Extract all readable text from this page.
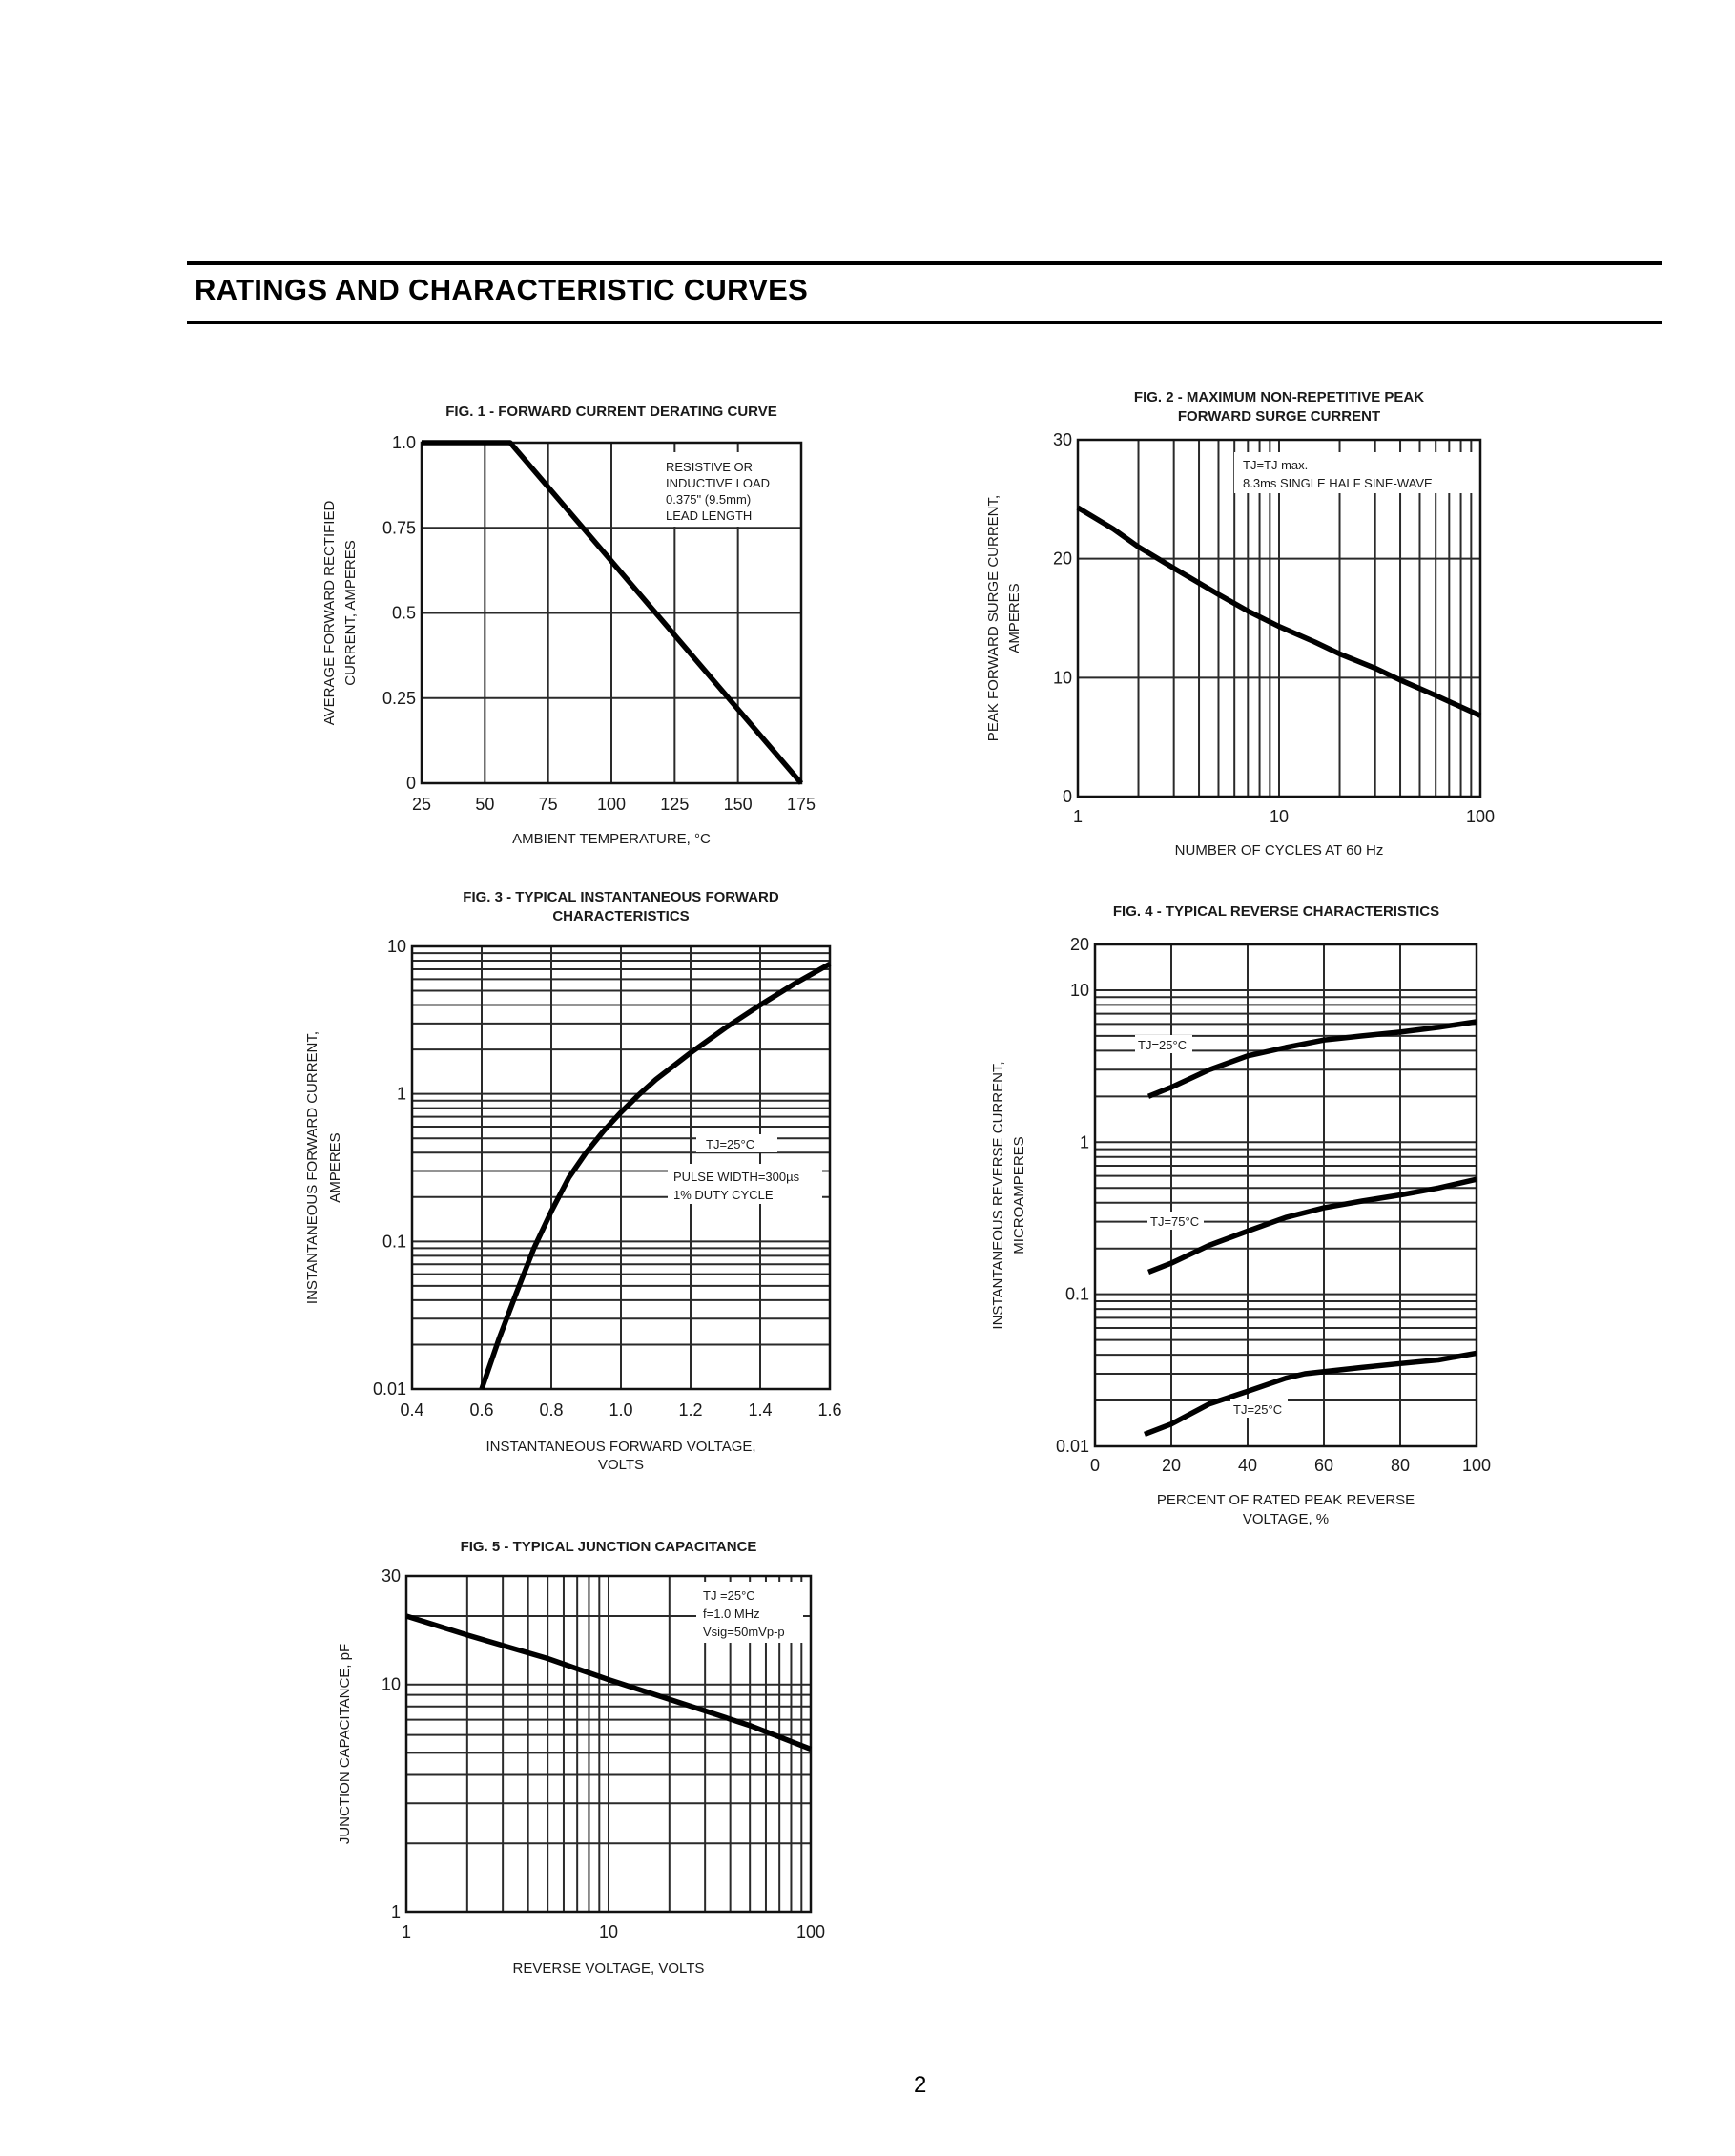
RATINGS AND CHARACTERISTIC CURVES
RESISTIVE OR
INDUCTIVE LOAD
0.375" (9.5mm)
LEAD LENGTH
25	50	75 100 125 150 175
0
0.25
0.5
0.75
1.0
FIG. 1 - FORWARD CURRENT DERATING CURVE
AMBIENT TEMPERATURE, °C
AVERAGE FORWARD RECTIFIED CURRENT, AMPERES
TJ=TJ max.
8.3ms SINGLE HALF SINE-WAVE
1	10	100
0
10
20
30
FIG. 2 - MAXIMUM NON-REPETITIVE PEAK
FORWARD SURGE CURRENT
NUMBER OF CYCLES AT 60 Hz
PEAK FORWARD SURGE CURRENT, AMPERES
TJ=25°C
PULSE WIDTH=300µs
1% DUTY CYCLE
0.4	0.6	0.8	1.0	1.2	1.4	1.6
0.01
0.1
1
10
FIG. 3 - TYPICAL INSTANTANEOUS FORWARD
CHARACTERISTICS
INSTANTANEOUS FORWARD VOLTAGE,
VOLTS
INSTANTANEOUS FORWARD CURRENT, AMPERES
TJ=25°C
TJ=75°C
TJ=25°C
0	20	40	60	80	100
0.01
0.1
1
10
20
FIG. 4 - TYPICAL REVERSE CHARACTERISTICS
PERCENT OF RATED PEAK REVERSE
VOLTAGE, %
INSTANTANEOUS REVERSE CURRENT, MICROAMPERES
TJ =25°C
f=1.0 MHz
Vsig=50mVp-p
1	10	100
1
10
30
FIG. 5 - TYPICAL JUNCTION CAPACITANCE
REVERSE VOLTAGE, VOLTS
JUNCTION CAPACITANCE, pF
2
